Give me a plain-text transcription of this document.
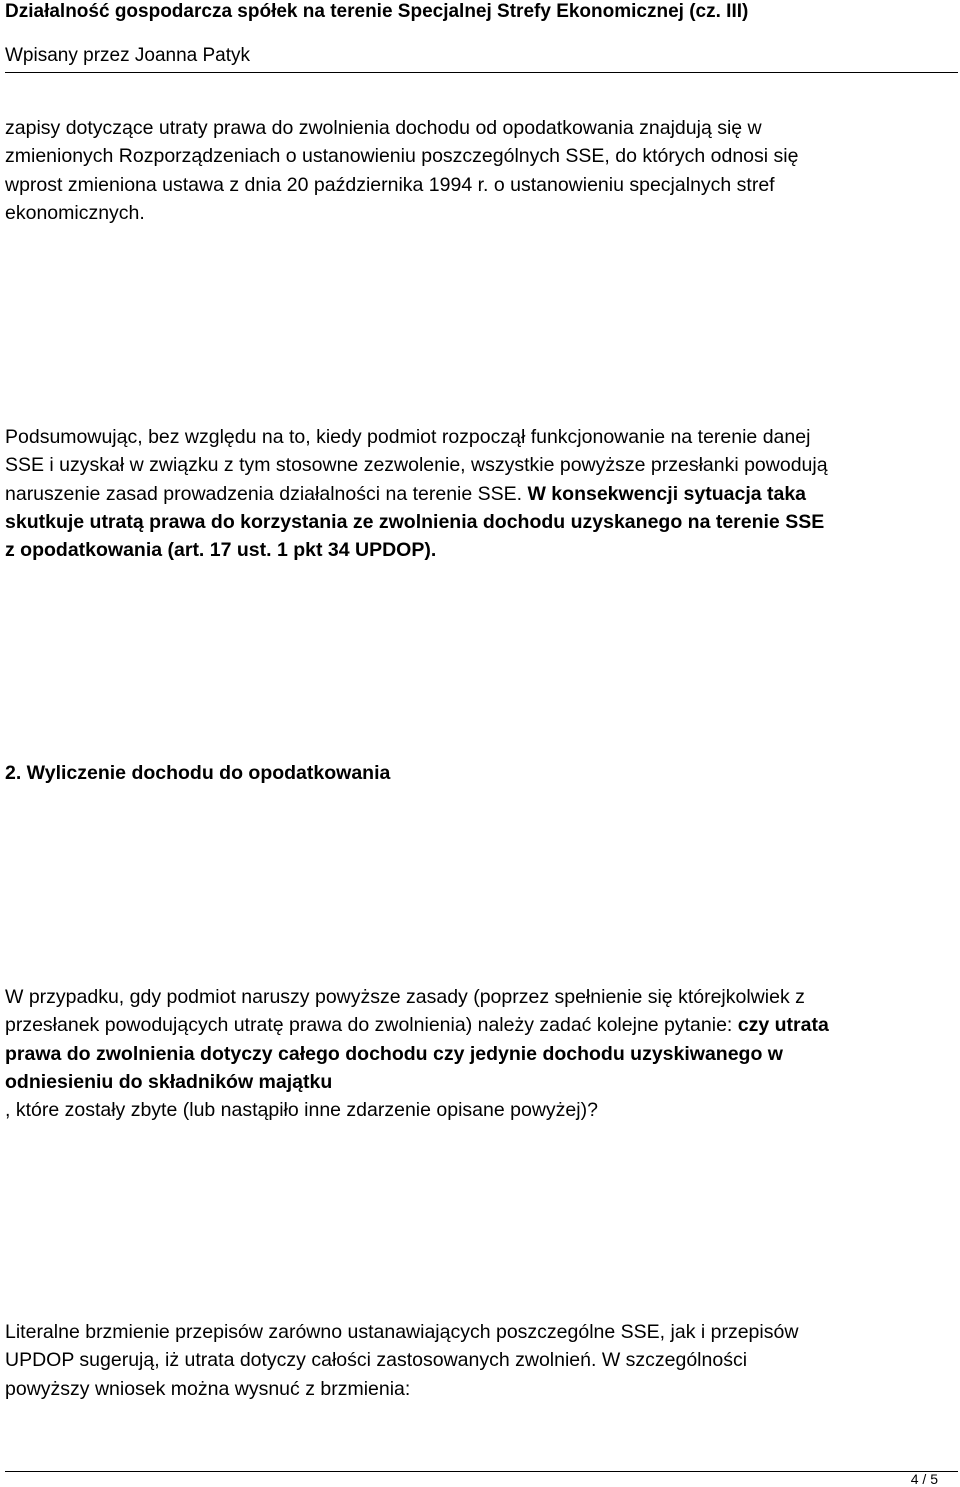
Działalność gospodarcza spółek na terenie Specjalnej Strefy Ekonomicznej (cz. III)
Wpisany przez Joanna Patyk

zapisy dotyczące utraty prawa do zwolnienia dochodu od opodatkowania znajdują się w
zmienionych Rozporządzeniach o ustanowieniu poszczególnych SSE, do których odnosi się
wprost zmieniona ustawa z dnia 20 października 1994 r. o ustanowieniu specjalnych stref
ekonomicznych.

Podsumowując, bez względu na to, kiedy podmiot rozpoczął funkcjonowanie na terenie danej
SSE i uzyskał w związku z tym stosowne zezwolenie, wszystkie powyższe przesłanki powodują
naruszenie zasad prowadzenia działalności na terenie SSE. W konsekwencji sytuacja taka
skutkuje utratą prawa do korzystania ze zwolnienia dochodu uzyskanego na terenie SSE
z opodatkowania (art. 17 ust. 1 pkt 34 UPDOP).

2. Wyliczenie dochodu do opodatkowania

W przypadku, gdy podmiot naruszy powyższe zasady (poprzez spełnienie się którejkolwiek z
przesłanek powodujących utratę prawa do zwolnienia) należy zadać kolejne pytanie: czy utrata
prawa do zwolnienia dotyczy całego dochodu czy jedynie dochodu uzyskiwanego w
odniesieniu do składników majątku
, które zostały zbyte (lub nastąpiło inne zdarzenie opisane powyżej)?

Literalne brzmienie przepisów zarówno ustanawiających poszczególne SSE, jak i przepisów
UPDOP sugerują, iż utrata dotyczy całości zastosowanych zwolnień. W szczególności
powyższy wniosek można wysnuć z brzmienia:

4 / 5
